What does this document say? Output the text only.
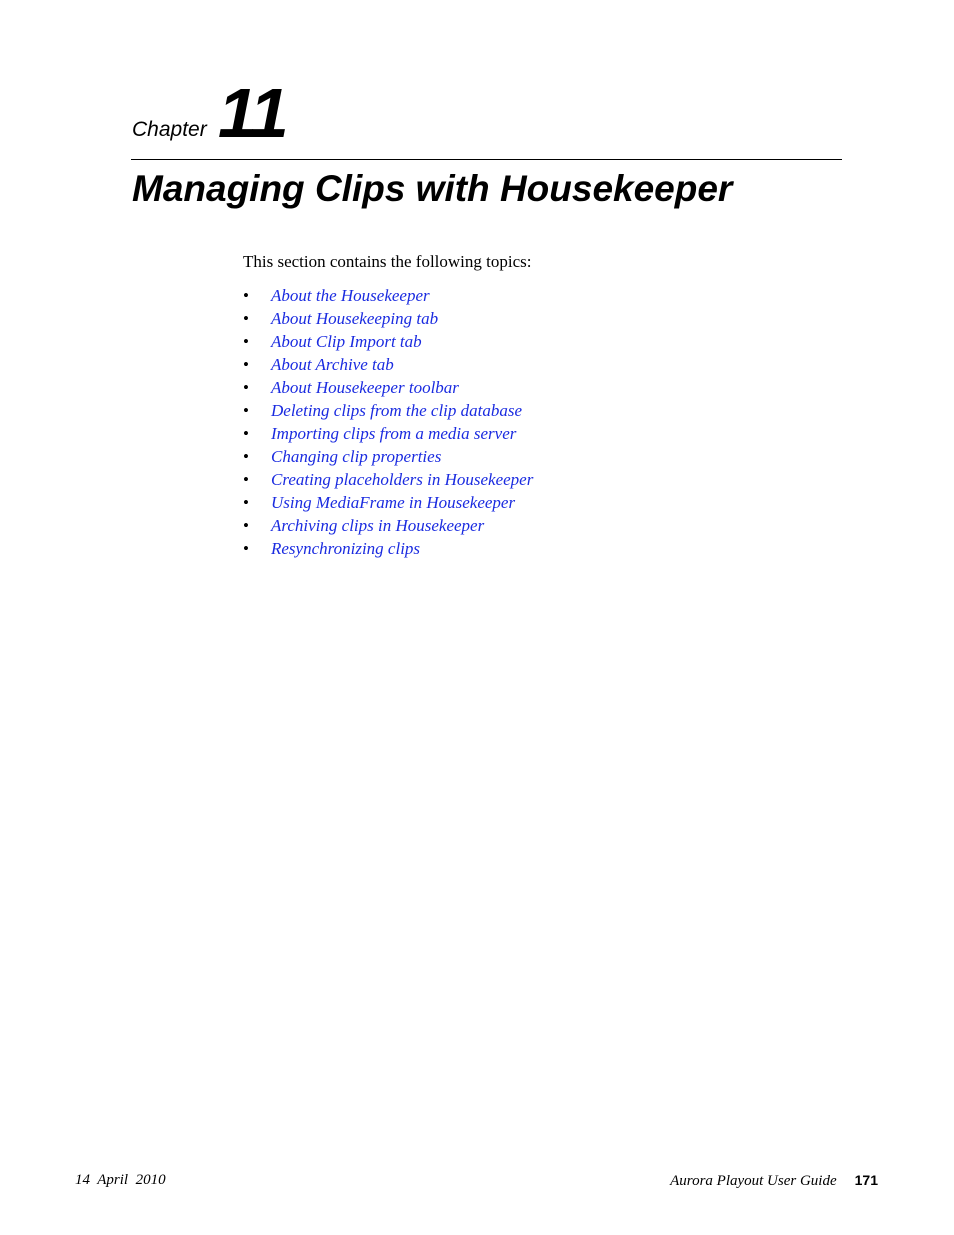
Chapter 11
Managing Clips with Housekeeper

This section contains the following topics:

• About the Housekeeper
• About Housekeeping tab
• About Clip Import tab
• About Archive tab
• About Housekeeper toolbar
• Deleting clips from the clip database
• Importing clips from a media server
• Changing clip properties
• Creating placeholders in Housekeeper
• Using MediaFrame in Housekeeper
• Archiving clips in Housekeeper
• Resynchronizing clips
14  April  2010	Aurora Playout User Guide 171
